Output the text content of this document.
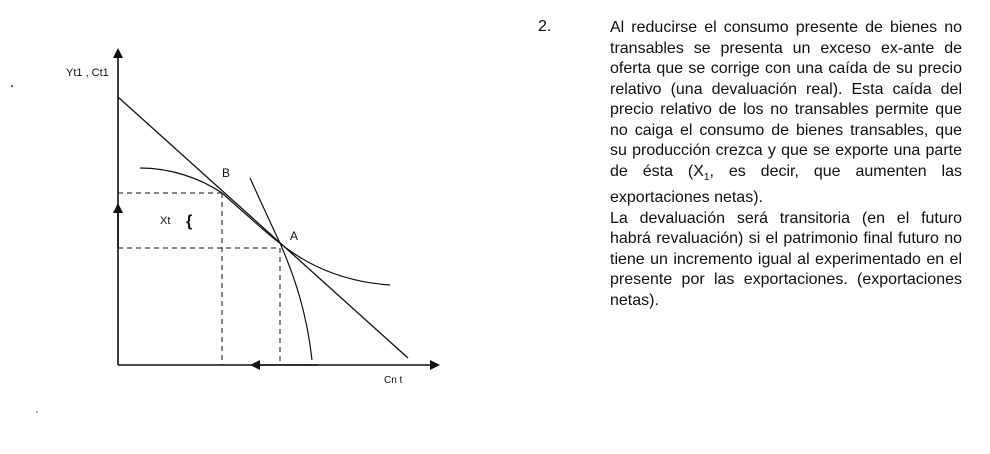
Yt1 , Ct1
Cn t
B
A
Xt {
2.	Al reducirse el consumo presente de bienes no transables se presenta un exceso ex-ante de oferta que se corrige con una caída de su precio relativo (una devaluación real). Esta caída del precio relativo de los no transables permite que no caiga el consumo de bienes transables, que su producción crezca y que se exporte una parte de ésta ($X_1$, es decir, que aumenten las exportaciones netas).

La devaluación será transitoria (en el futuro habrá revaluación) si el patrimonio final futuro no tiene un incremento igual al experimentado en el presente por las exportaciones. (exportaciones netas).
